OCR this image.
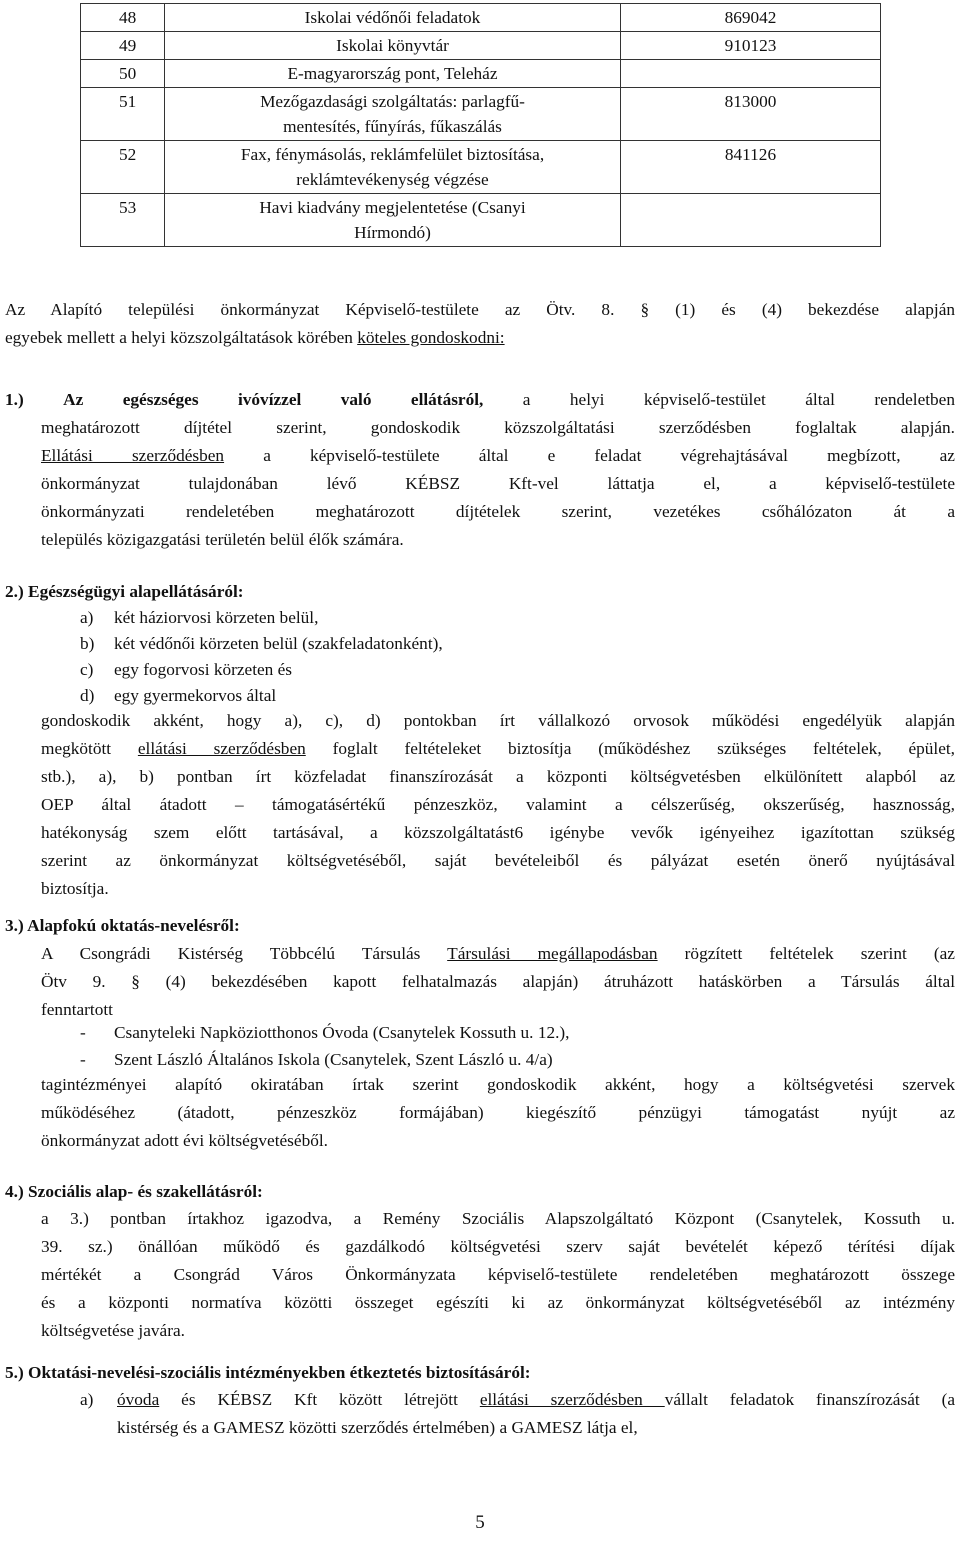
48	Iskolai védőnői feladatok	869042
49	Iskolai könyvtár	910123
50	E-magyarország pont, Teleház	

51	Mezőgazdasági szolgáltatás: parlagfű-
mentesítés, fűnyírás, fűkaszálás	813000
52	Fax, fénymásolás, reklámfelület biztosítása,
reklámtevékenység végzése	841126
53	Havi kiadvány megjelentetése (Csanyi
Hírmondó)	

Az Alapító települési önkormányzat Képviselő-testülete az Ötv. 8. § (1) és (4) bekezdése alapján
egyebek mellett a helyi közszolgáltatások körében köteles gondoskodni:

1.) Az egészséges ivóvízzel való ellátásról, a helyi képviselő-testület által rendeletben
meghatározott díjtétel szerint, gondoskodik közszolgáltatási szerződésben foglaltak alapján.
Ellátási szerződésben a képviselő-testülete által e feladat végrehajtásával megbízott, az
önkormányzat tulajdonában lévő KÉBSZ Kft-vel láttatja el, a képviselő-testülete
önkormányzati rendeletében meghatározott díjtételek szerint, vezetékes csőhálózaton át a
település közigazgatási területén belül élők számára.

2.) Egészségügyi alapellátásáról:

a)	két háziorvosi körzeten belül,
b)	két védőnői körzeten belül (szakfeladatonként),
c)	egy fogorvosi körzeten és
d)	egy gyermekorvos által
gondoskodik akként, hogy a), c), d) pontokban írt vállalkozó orvosok működési engedélyük alapján
megkötött ellátási szerződésben foglalt feltételeket biztosítja (működéshez szükséges feltételek, épület,
stb.), a), b) pontban írt közfeladat finanszírozását a központi költségvetésben elkülönített alapból az
OEP által átadott – támogatásértékű pénzeszköz, valamint a célszerűség, okszerűség, hasznosság,
hatékonyság szem előtt tartásával, a közszolgáltatást6 igénybe vevők igényeihez igazítottan szükség
szerint az önkormányzat költségvetéséből, saját bevételeiből és pályázat esetén önerő nyújtásával
biztosítja.

3.) Alapfokú oktatás-nevelésről:

A Csongrádi Kistérség Többcélú Társulás Társulási megállapodásban rögzített feltételek szerint (az
Ötv 9. § (4) bekezdésében kapott felhatalmazás alapján) átruházott hatáskörben a Társulás által
fenntartott
-	Csanyteleki Napköziotthonos Óvoda (Csanytelek Kossuth u. 12.),
-	Szent László Általános Iskola (Csanytelek, Szent László u. 4/a)
tagintézményei alapító okiratában írtak szerint gondoskodik akként, hogy a költségvetési szervek
működéséhez (átadott, pénzeszköz formájában) kiegészítő pénzügyi támogatást nyújt az
önkormányzat adott évi költségvetéséből.

4.) Szociális alap- és szakellátásról:

a 3.) pontban írtakhoz igazodva, a Remény Szociális Alapszolgáltató Központ (Csanytelek, Kossuth u.
39. sz.) önállóan működő és gazdálkodó költségvetési szerv saját bevételét képező térítési díjak
mértékét a Csongrád Város Önkormányzata képviselő-testülete rendeletében meghatározott összege
és a központi normatíva közötti összeget egészíti ki az önkormányzat költségvetéséből az intézmény
költségvetése javára.

5.) Oktatási-nevelési-szociális intézményekben étkeztetés biztosításáról:

a) óvoda és KÉBSZ Kft között létrejött ellátási szerződésben vállalt feladatok finanszírozását (a
kistérség és a GAMESZ közötti szerződés értelmében) a GAMESZ látja el,
5
